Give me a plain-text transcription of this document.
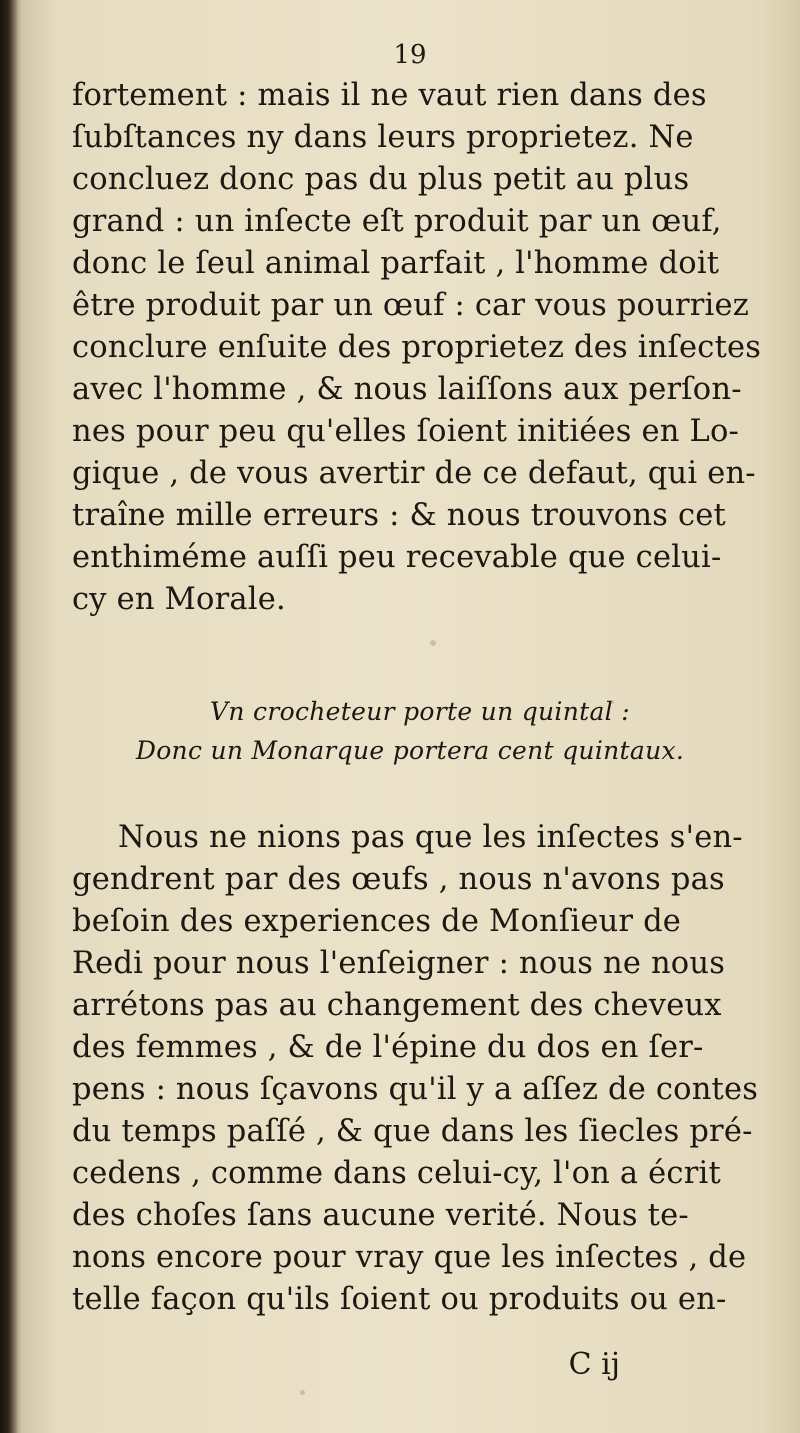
19
fortement : mais il ne vaut rien dans des
ſubſtances ny dans leurs proprietez. Ne
concluez donc pas du plus petit au plus
grand : un inſecte eſt produit par un œuf,
donc le ſeul animal parfait , l'homme doit
être produit par un œuf : car vous pourriez
conclure enſuite des proprietez des inſectes
avec l'homme , & nous laiſſons aux perſon-
nes pour peu qu'elles ſoient initiées en Lo-
gique , de vous avertir de ce defaut, qui en-
traîne mille erreurs : & nous trouvons cet
enthiméme auſſi peu recevable que celui-
cy en Morale.
Vn crocheteur porte un quintal :
Donc un Monarque portera cent quintaux.
Nous ne nions pas que les inſectes s'en-
gendrent par des œufs , nous n'avons pas
beſoin des experiences de Monſieur de
Redi pour nous l'enſeigner : nous ne nous
arrétons pas au changement des cheveux
des femmes , & de l'épine du dos en ſer-
pens : nous ſçavons qu'il y a aſſez de contes
du temps paſſé , & que dans les ſiecles pré-
cedens , comme dans celui-cy, l'on a écrit
des choſes ſans aucune verité. Nous te-
nons encore pour vray que les inſectes , de
telle façon qu'ils ſoient ou produits ou en-
C ij
